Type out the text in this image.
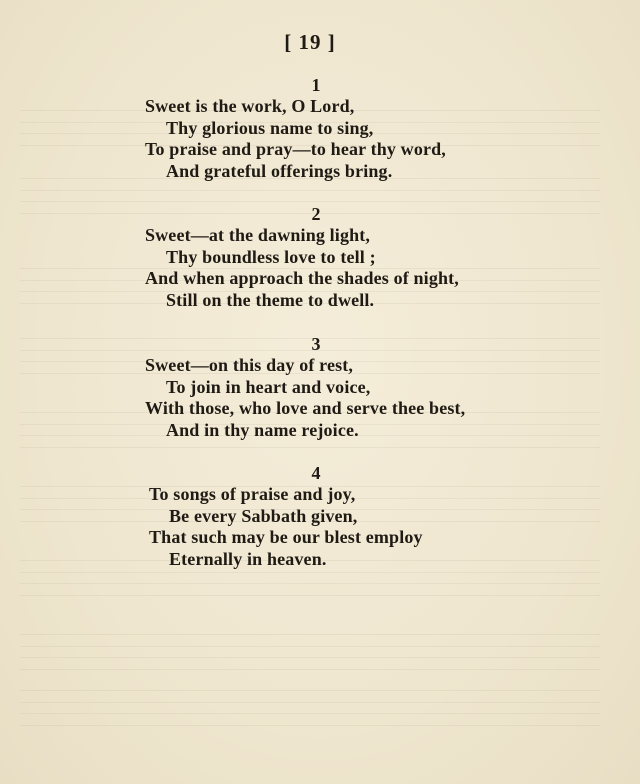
[ 19 ]
1
Sweet is the work, O Lord,
Thy glorious name to sing,
To praise and pray—to hear thy word,
And grateful offerings bring.
2
Sweet—at the dawning light,
Thy boundless love to tell ;
And when approach the shades of night,
Still on the theme to dwell.
3
Sweet—on this day of rest,
To join in heart and voice,
With those, who love and serve thee best,
And in thy name rejoice.
4
To songs of praise and joy,
Be every Sabbath given,
That such may be our blest employ
Eternally in heaven.
